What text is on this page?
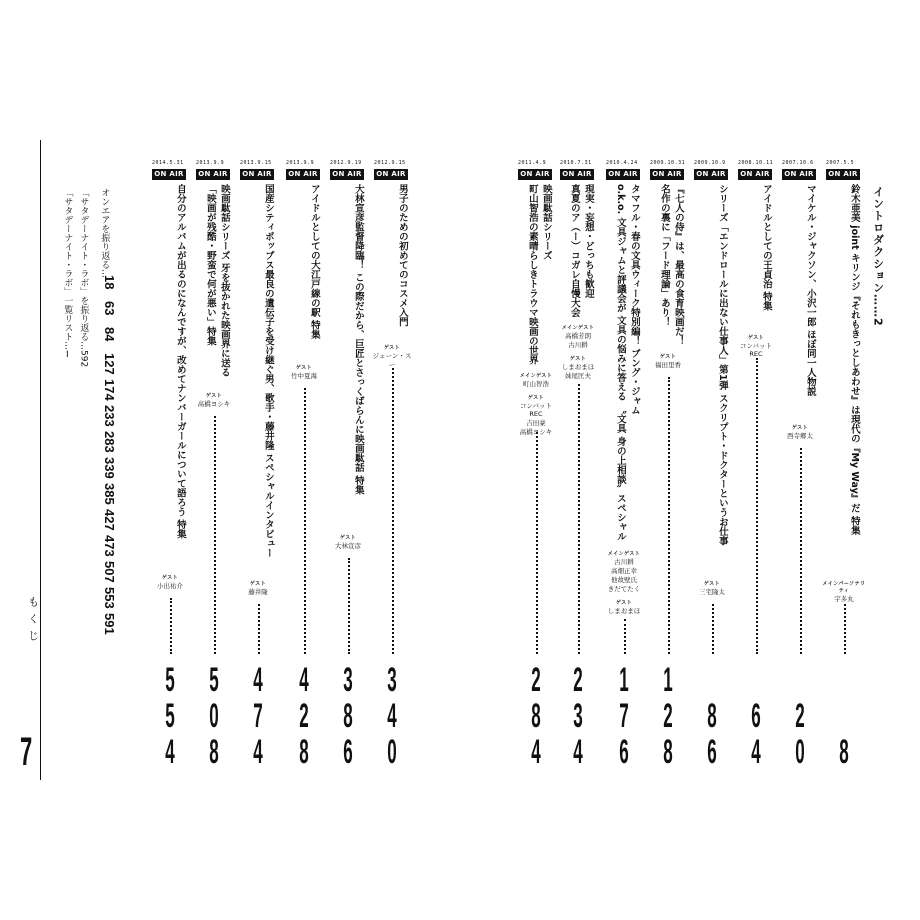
イントロダクション……2
2007.5.5
ON AIR
鈴木亜美 joint キリンジ『それもきっとしあわせ』は現代の『My Way』だ 特集
メインパーソナリティ
宇多丸
8
2007.10.6
ON AIR
マイケル・ジャクソン、小沢一郎 ほぼ同一人物説
ゲスト
西寺郷太
2
0
2008.10.11
ON AIR
アイドルとしての王貞治 特集
ゲスト
コンバットREC
6
4
2009.10.9
ON AIR
シリーズ「エンドロールに出ない仕事人」第1弾 スクリプト・ドクターというお仕事
ゲスト
三宅隆太
8
6
2009.10.31
ON AIR
『七人の侍』は、最高の食育映画だ！
名作の裏に「フード理論」あり！
ゲスト
福田里香
1
2
8
2010.4.24
ON AIR
タマフル・春の文具ウィーク特別編！ ブング・ジャム
o.k.o. 文具ジャムと評議会が 文具の悩みに答える 〝文具 身の上相談〟スペシャル
メインゲスト
古川耕
高畑正幸
他故壁氏
きだてたく
ゲスト
しまおまほ
1
7
6
2010.7.31
ON AIR
現実・妄想・どっちも歓迎
真夏のア（ー）コガレ自慢大会
メインゲスト
高橋芳朗
古川耕
ゲスト
しまおまほ
妹尾匡夫
2
3
4
2011.4.9
ON AIR
映画駄話シリーズ
町山智浩の素晴らしきトラウマ映画の世界
メインゲスト
町山智浩
ゲスト
コンバットREC
吉田豪
高橋ヨシキ
2
8
4
2012.9.15
ON AIR
男子のための初めてのコスメ入門
ゲスト
ジェーン・スー
3
4
0
2012.9.19
ON AIR
大林宣彦監督降臨！ この際だから、巨匠とさっくばらんに映画駄話 特集
ゲスト
大林宣彦
3
8
6
2013.9.9
ON AIR
アイドルとしての大江戸線の駅 特集
ゲスト
竹中夏海
4
2
8
2013.9.15
ON AIR
国産シティポップス最良の遺伝子を受け継ぐ男、歌手・藤井隆 スペシャルインタビュー
ゲスト
藤井隆
4
7
4
2013.9.9
ON AIR
映画駄話シリーズ 牙を抜かれた映画界に送る
「映画が残酷・野蛮で何が悪い」特集
ゲスト
高橋ヨシキ
5
0
8
2014.5.31
ON AIR
自分のアルバムが出るのになんですが、改めてナンバーガールについて語ろう 特集
ゲスト
小出祐介
5
5
4
「サタデーナイト・ラボ」一覧リスト…Ⅰ 「サタデーナイト・ラボ」を振り返る…592 オンエアを振り返る…
18
63
84
127
174
233
283
339
385
427
473
507
553
591
もくじ
7
